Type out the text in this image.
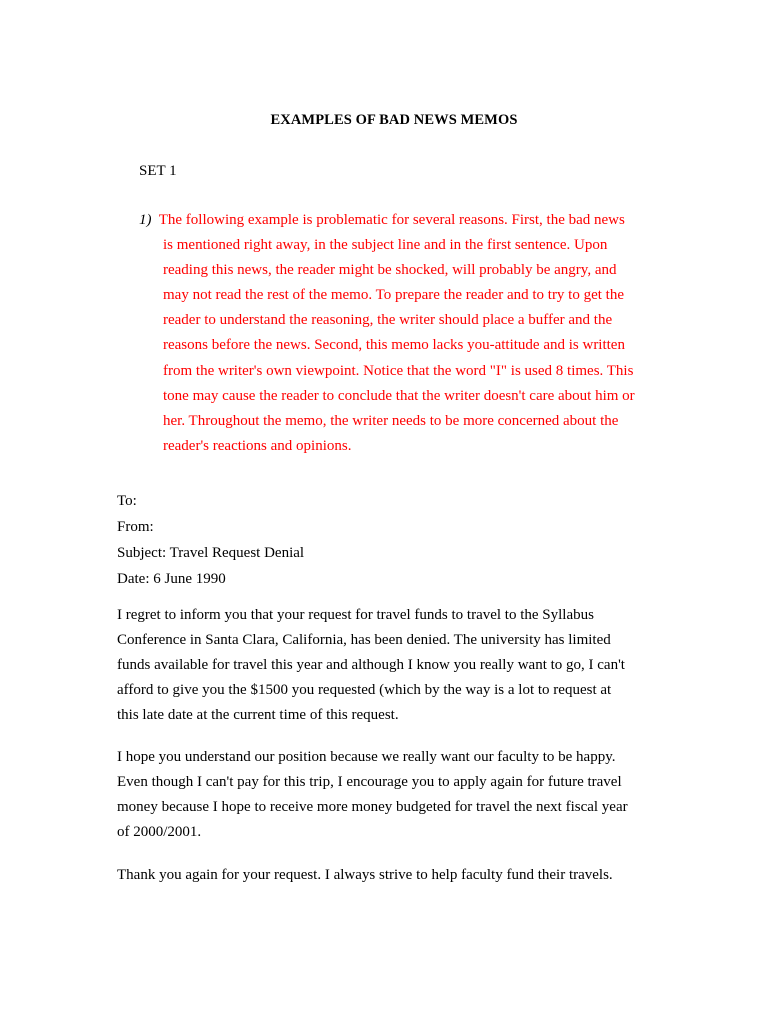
EXAMPLES OF BAD NEWS MEMOS
SET 1
1) The following example is problematic for several reasons. First, the bad news
is mentioned right away, in the subject line and in the first sentence. Upon
reading this news, the reader might be shocked, will probably be angry, and
may not read the rest of the memo. To prepare the reader and to try to get the
reader to understand the reasoning, the writer should place a buffer and the
reasons before the news. Second, this memo lacks you-attitude and is written
from the writer's own viewpoint. Notice that the word "I" is used 8 times. This
tone may cause the reader to conclude that the writer doesn't care about him or
her. Throughout the memo, the writer needs to be more concerned about the
reader's reactions and opinions.
To:
From:
Subject: Travel Request Denial
Date: 6 June 1990
I regret to inform you that your request for travel funds to travel to the Syllabus
Conference in Santa Clara, California, has been denied. The university has limited
funds available for travel this year and although I know you really want to go, I can't
afford to give you the $1500 you requested (which by the way is a lot to request at
this late date at the current time of this request.
I hope you understand our position because we really want our faculty to be happy.
Even though I can't pay for this trip, I encourage you to apply again for future travel
money because I hope to receive more money budgeted for travel the next fiscal year
of 2000/2001.
Thank you again for your request. I always strive to help faculty fund their travels.
